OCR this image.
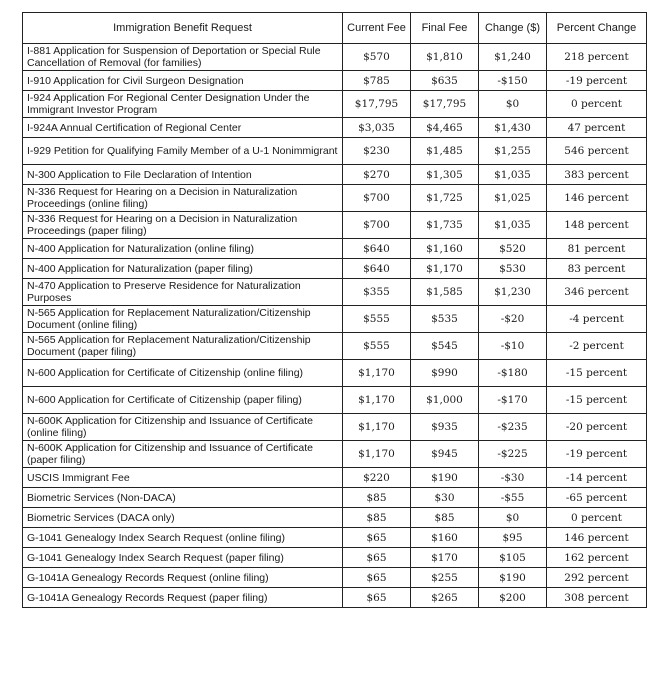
Immigration Benefit Request	Current Fee	Final Fee	Change ($)	Percent Change
I-881 Application for Suspension of Deportation or Special Rule Cancellation of Removal (for families)	$570	$1,810	$1,240	218 percent
I-910 Application for Civil Surgeon Designation	$785	$635	-$150	-19 percent
I-924 Application For Regional Center Designation Under the Immigrant Investor Program	$17,795	$17,795	$0	0 percent
I-924A Annual Certification of Regional Center	$3,035	$4,465	$1,430	47 percent
I-929 Petition for Qualifying Family Member of a U-1 Nonimmigrant	$230	$1,485	$1,255	546 percent
N-300 Application to File Declaration of Intention	$270	$1,305	$1,035	383 percent
N-336 Request for Hearing on a Decision in Naturalization Proceedings (online filing)	$700	$1,725	$1,025	146 percent
N-336 Request for Hearing on a Decision in Naturalization Proceedings (paper filing)	$700	$1,735	$1,035	148 percent
N-400 Application for Naturalization (online filing)	$640	$1,160	$520	81 percent
N-400 Application for Naturalization (paper filing)	$640	$1,170	$530	83 percent
N-470 Application to Preserve Residence for Naturalization Purposes	$355	$1,585	$1,230	346 percent
N-565 Application for Replacement Naturalization/Citizenship Document (online filing)	$555	$535	-$20	-4 percent
N-565 Application for Replacement Naturalization/Citizenship Document (paper filing)	$555	$545	-$10	-2 percent
N-600 Application for Certificate of Citizenship (online filing)	$1,170	$990	-$180	-15 percent
N-600 Application for Certificate of Citizenship (paper filing)	$1,170	$1,000	-$170	-15 percent
N-600K Application for Citizenship and Issuance of Certificate (online filing)	$1,170	$935	-$235	-20 percent
N-600K Application for Citizenship and Issuance of Certificate (paper filing)	$1,170	$945	-$225	-19 percent
USCIS Immigrant Fee	$220	$190	-$30	-14 percent
Biometric Services (Non-DACA)	$85	$30	-$55	-65 percent
Biometric Services (DACA only)	$85	$85	$0	0 percent
G-1041 Genealogy Index Search Request (online filing)	$65	$160	$95	146 percent
G-1041 Genealogy Index Search Request (paper filing)	$65	$170	$105	162 percent
G-1041A Genealogy Records Request (online filing)	$65	$255	$190	292 percent
G-1041A Genealogy Records Request (paper filing)	$65	$265	$200	308 percent
